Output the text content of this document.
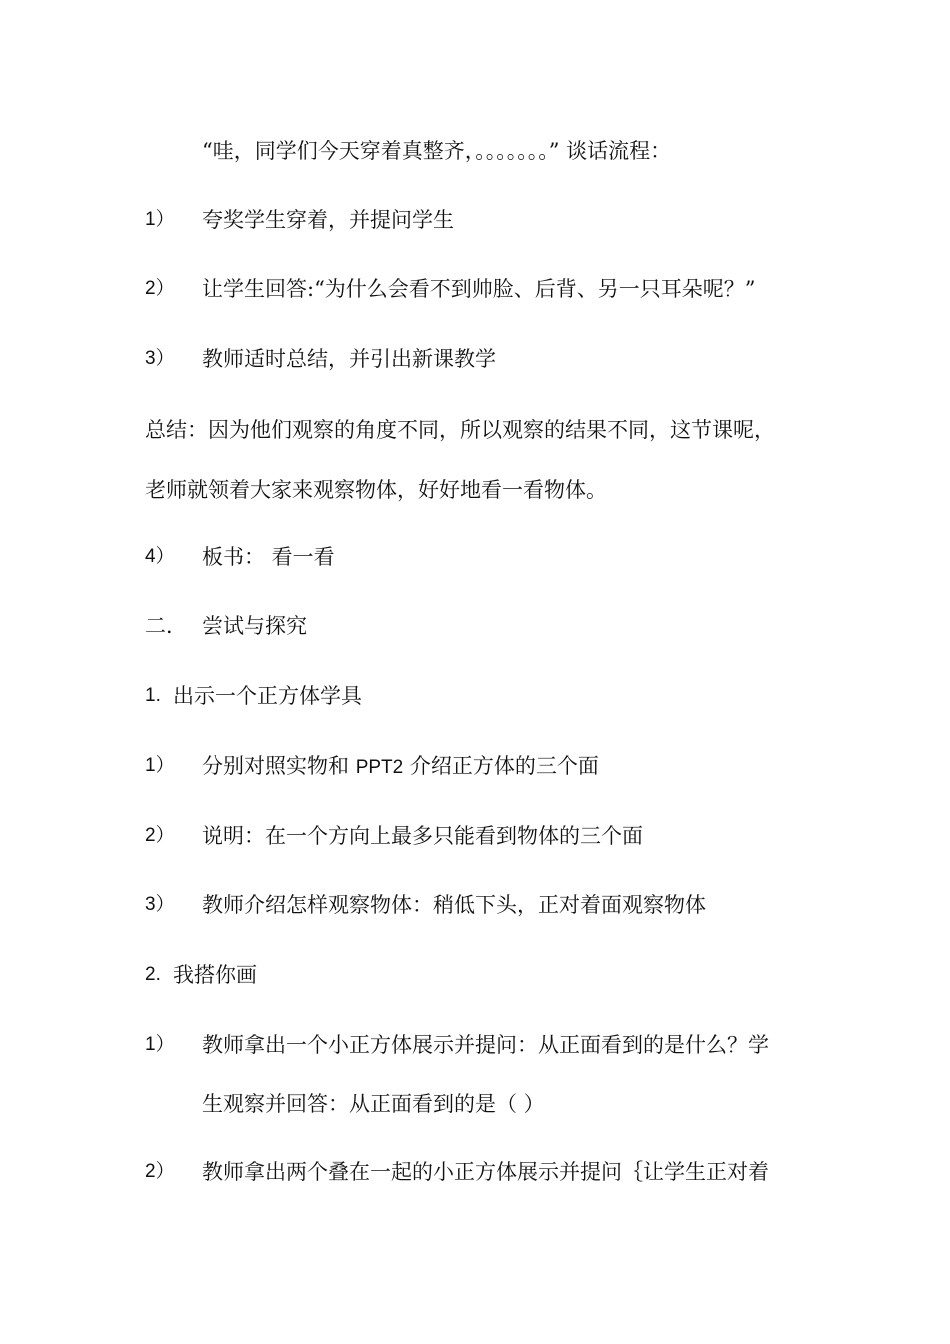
“哇，同学们今天穿着真整齐，。。。。。。。” 谈话流程：
1） 夸奖学生穿着，并提问学生
2） 让学生回答:“为什么会看不到帅脸、后背、另一只耳朵呢？”
3） 教师适时总结，并引出新课教学
总结：因为他们观察的角度不同，所以观察的结果不同，这节课呢，
老师就领着大家来观察物体，好好地看一看物体。
4） 板书： 看一看
二． 尝试与探究
1. 出示一个正方体学具
1） 分别对照实物和 PPT2 介绍正方体的三个面
2） 说明：在一个方向上最多只能看到物体的三个面
3） 教师介绍怎样观察物体：稍低下头，正对着面观察物体
2. 我搭你画
1） 教师拿出一个小正方体展示并提问：从正面看到的是什么？学
生观察并回答：从正面看到的是（ ）
2） 教师拿出两个叠在一起的小正方体展示并提问｛让学生正对着
